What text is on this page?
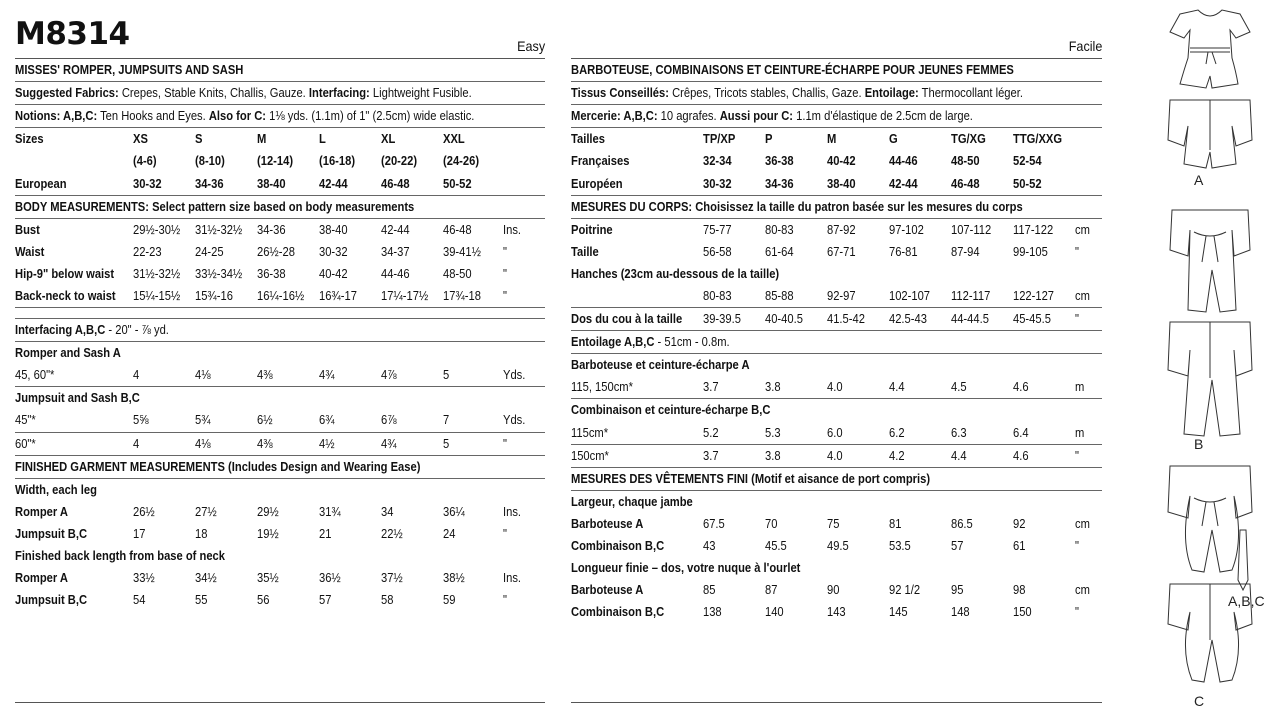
M8314	Easy
MISSES' ROMPER, JUMPSUITS AND SASH
Suggested Fabrics: Crepes, Stable Knits, Challis, Gauze. Interfacing: Lightweight Fusible.
Notions: A,B,C: Ten Hooks and Eyes. Also for C: 1⅛ yds. (1.1m) of 1" (2.5cm) wide elastic.
Sizes	XS	S	M	L	XL	XXL	
	(4-6)	(8-10)	(12-14)	(16-18)	(20-22)	(24-26)	
European	30-32	34-36	38-40	42-44	46-48	50-52	
BODY MEASUREMENTS: Select pattern size based on body measurements
Bust	29½-30½	31½-32½	34-36	38-40	42-44	46-48	Ins.
Waist	22-23	24-25	26½-28	30-32	34-37	39-41½	"
Hip-9" below waist	31½-32½	33½-34½	36-38	40-42	44-46	48-50	"
Back-neck to waist	15¼-15½	15¾-16	16¼-16½	16¾-17	17¼-17½	17¾-18	"
Interfacing A,B,C - 20" - ⅞ yd.
Romper and Sash A							
45, 60"*	4	4⅛	4⅜	4¾	4⅞	5	Yds.
Jumpsuit and Sash B,C							
45"*	5⅝	5¾	6½	6¾	6⅞	7	Yds.
60"*	4	4⅛	4⅜	4½	4¾	5	"
FINISHED GARMENT MEASUREMENTS (Includes Design and Wearing Ease)
Width, each leg							
Romper A	26½	27½	29½	31¾	34	36¼	Ins.
Jumpsuit B,C	17	18	19½	21	22½	24	"
Finished back length from base of neck							
Romper A	33½	34½	35½	36½	37½	38½	Ins.
Jumpsuit B,C	54	55	56	57	58	59	"
Facile
BARBOTEUSE, COMBINAISONS ET CEINTURE-ÉCHARPE POUR JEUNES FEMMES
Tissus Conseillés: Crêpes, Tricots stables, Challis, Gaze. Entoilage: Thermocollant léger.
Mercerie: A,B,C: 10 agrafes. Aussi pour C: 1.1m d'élastique de 2.5cm de large.
Tailles	TP/XP	P	M	G	TG/XG	TTG/XXG	
Françaises	32-34	36-38	40-42	44-46	48-50	52-54	
Européen	30-32	34-36	38-40	42-44	46-48	50-52	
MESURES DU CORPS: Choisissez la taille du patron basée sur les mesures du corps
Poitrine	75-77	80-83	87-92	97-102	107-112	117-122	cm
Taille	56-58	61-64	67-71	76-81	87-94	99-105	"
Hanches (23cm au-dessous de la taille)							
	80-83	85-88	92-97	102-107	112-117	122-127	cm
Dos du cou à la taille	39-39.5	40-40.5	41.5-42	42.5-43	44-44.5	45-45.5	"
Entoilage A,B,C - 51cm - 0.8m.
Barboteuse et ceinture-écharpe A							
115, 150cm*	3.7	3.8	4.0	4.4	4.5	4.6	m
Combinaison et ceinture-écharpe B,C							
115cm*	5.2	5.3	6.0	6.2	6.3	6.4	m
150cm*	3.7	3.8	4.0	4.2	4.4	4.6	"
MESURES DES VÊTEMENTS FINI (Motif et aisance de port compris)
Largeur, chaque jambe							
Barboteuse A	67.5	70	75	81	86.5	92	cm
Combinaison B,C	43	45.5	49.5	53.5	57	61	"
Longueur finie – dos, votre nuque à l'ourlet							
Barboteuse A	85	87	90	92 1/2	95	98	cm
Combinaison B,C	138	140	143	145	148	150	"
A
B
A,B,C
C
